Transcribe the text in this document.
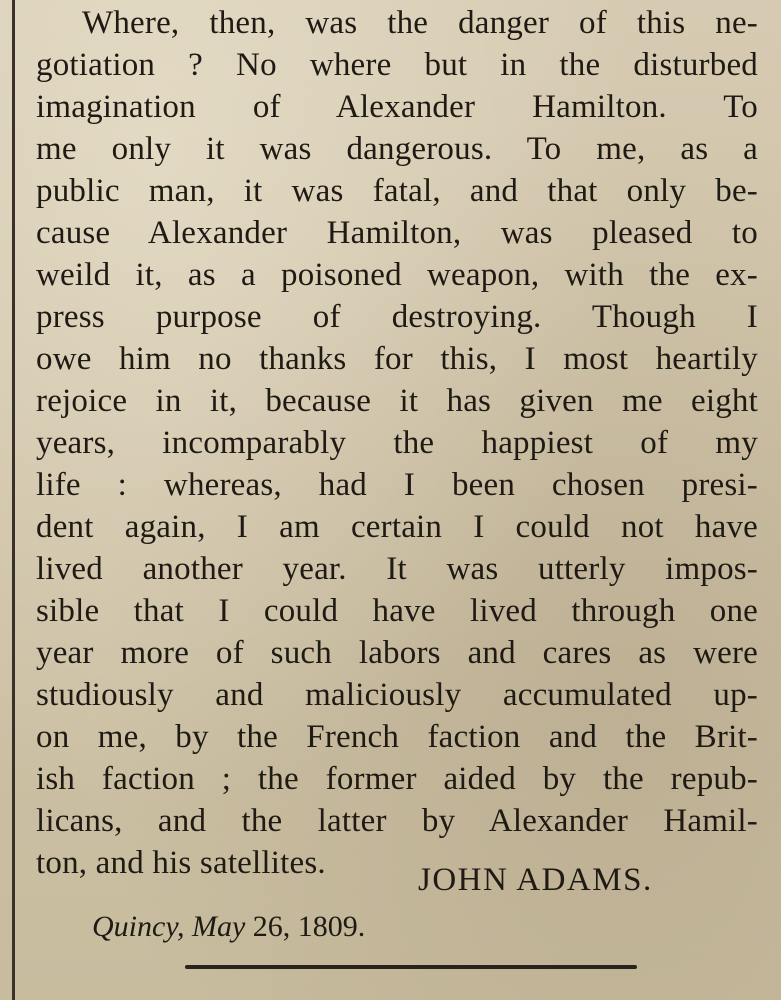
Where, then, was the danger of this ne-
gotiation ? No where but in the disturbed
imagination of Alexander Hamilton. To
me only it was dangerous. To me, as a
public man, it was fatal, and that only be-
cause Alexander Hamilton, was pleased to
weild it, as a poisoned weapon, with the ex-
press purpose of destroying. Though I
owe him no thanks for this, I most heartily
rejoice in it, because it has given me eight
years, incomparably the happiest of my
life : whereas, had I been chosen presi-
dent again, I am certain I could not have
lived another year. It was utterly impos-
sible that I could have lived through one
year more of such labors and cares as were
studiously and maliciously accumulated up-
on me, by the French faction and the Brit-
ish faction ; the former aided by the repub-
licans, and the latter by Alexander Hamil-
ton, and his satellites.	JOHN ADAMS.
Quincy, May 26, 1809.
